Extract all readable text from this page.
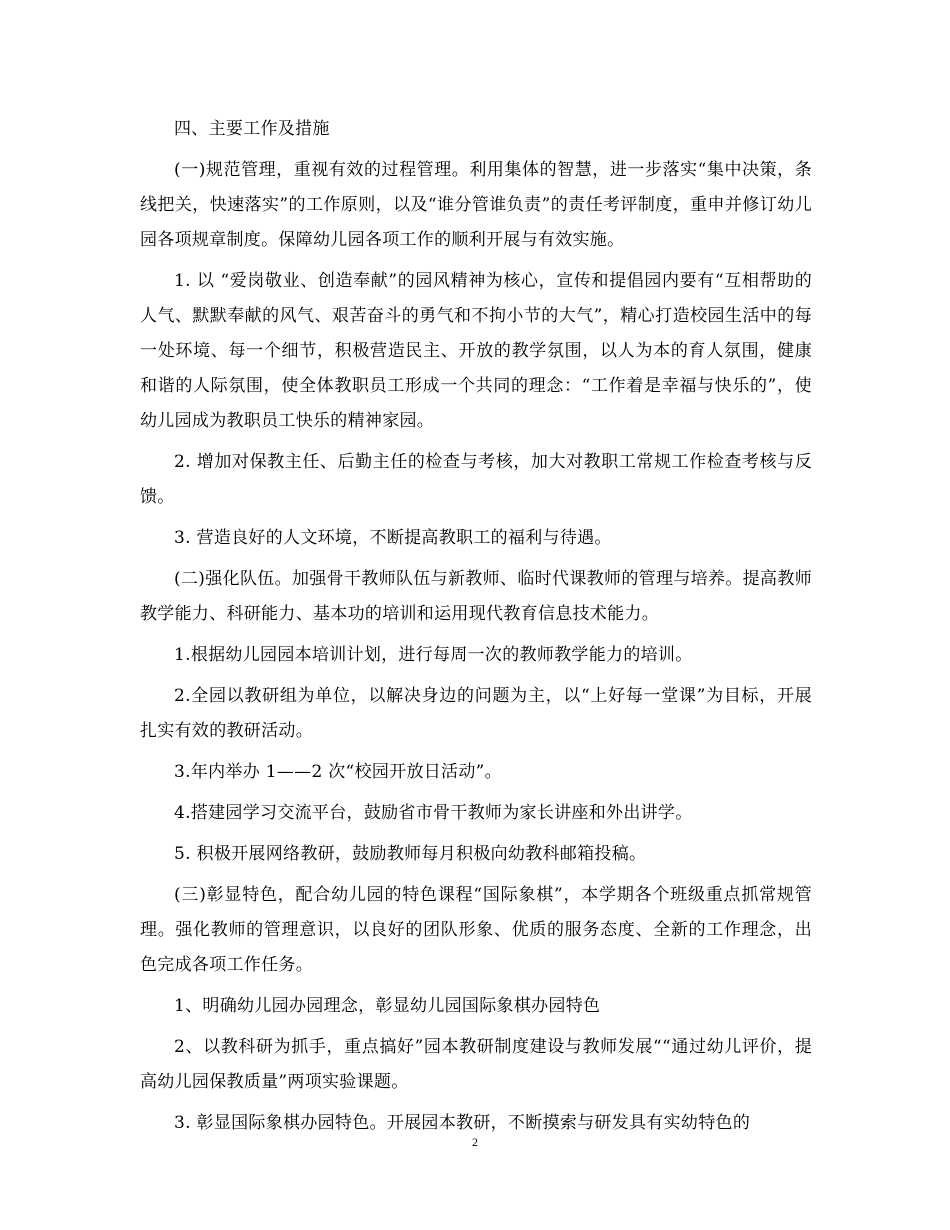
四、主要工作及措施

(一)规范管理，重视有效的过程管理。利用集体的智慧，进一步落实“集中决策，条线把关，快速落实”的工作原则，以及“谁分管谁负责”的责任考评制度，重申并修订幼儿园各项规章制度。保障幼儿园各项工作的顺利开展与有效实施。

1. 以 “爱岗敬业、创造奉献”的园风精神为核心，宣传和提倡园内要有“互相帮助的人气、默默奉献的风气、艰苦奋斗的勇气和不拘小节的大气”，精心打造校园生活中的每一处环境、每一个细节，积极营造民主、开放的教学氛围，以人为本的育人氛围，健康和谐的人际氛围，使全体教职员工形成一个共同的理念：“工作着是幸福与快乐的”，使幼儿园成为教职员工快乐的精神家园。

2. 增加对保教主任、后勤主任的检查与考核，加大对教职工常规工作检查考核与反馈。

3. 营造良好的人文环境，不断提高教职工的福利与待遇。

(二)强化队伍。加强骨干教师队伍与新教师、临时代课教师的管理与培养。提高教师教学能力、科研能力、基本功的培训和运用现代教育信息技术能力。

1.根据幼儿园园本培训计划，进行每周一次的教师教学能力的培训。

2.全园以教研组为单位，以解决身边的问题为主，以“上好每一堂课”为目标，开展扎实有效的教研活动。

3.年内举办 1——2 次“校园开放日活动”。

4.搭建园学习交流平台，鼓励省市骨干教师为家长讲座和外出讲学。

5. 积极开展网络教研，鼓励教师每月积极向幼教科邮箱投稿。

(三)彰显特色，配合幼儿园的特色课程“国际象棋”，本学期各个班级重点抓常规管理。强化教师的管理意识，以良好的团队形象、优质的服务态度、全新的工作理念，出色完成各项工作任务。

1、明确幼儿园办园理念，彰显幼儿园国际象棋办园特色

2、以教科研为抓手，重点搞好”园本教研制度建设与教师发展““通过幼儿评价，提高幼儿园保教质量”两项实验课题。

3. 彰显国际象棋办园特色。开展园本教研，不断摸索与研发具有实幼特色的

2
